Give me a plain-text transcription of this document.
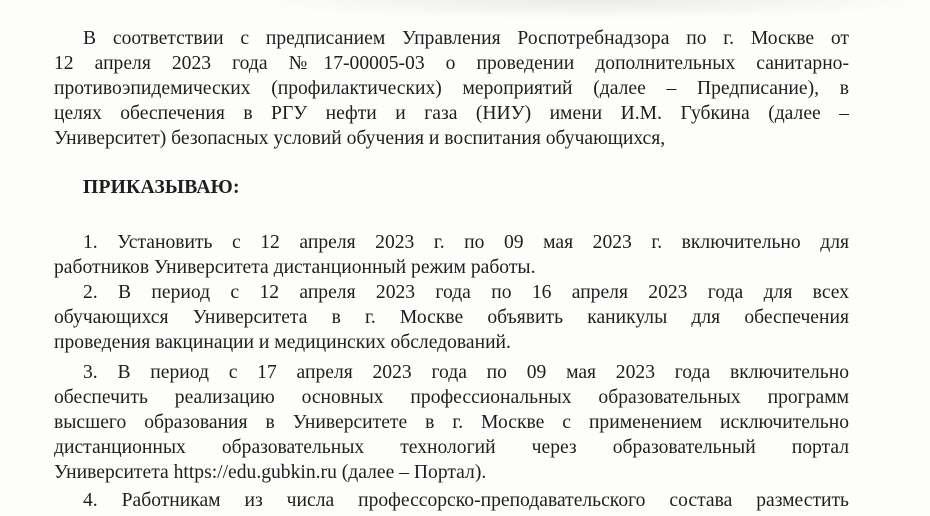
В соответствии с предписанием Управления Роспотребнадзора по г. Москве от
12 апреля 2023 года №17-00005-03 о проведении дополнительных санитарно-
противоэпидемических (профилактических) мероприятий (далее – Предписание), в
целях обеспечения в РГУ нефти и газа (НИУ) имени И.М. Губкина (далее –
Университет) безопасных условий обучения и воспитания обучающихся,
ПРИКАЗЫВАЮ:
1. Установить с 12 апреля 2023 г. по 09 мая 2023 г. включительно для
работников Университета дистанционный режим работы.
2. В период с 12 апреля 2023 года по 16 апреля 2023 года для всех
обучающихся Университета в г. Москве объявить каникулы для обеспечения
проведения вакцинации и медицинских обследований.
3. В период с 17 апреля 2023 года по 09 мая 2023 года включительно
обеспечить реализацию основных профессиональных образовательных программ
высшего образования в Университете в г. Москве с применением исключительно
дистанционных образовательных технологий через образовательный портал
Университета https://edu.gubkin.ru (далее – Портал).
4. Работникам из числа профессорско-преподавательского состава разместить
